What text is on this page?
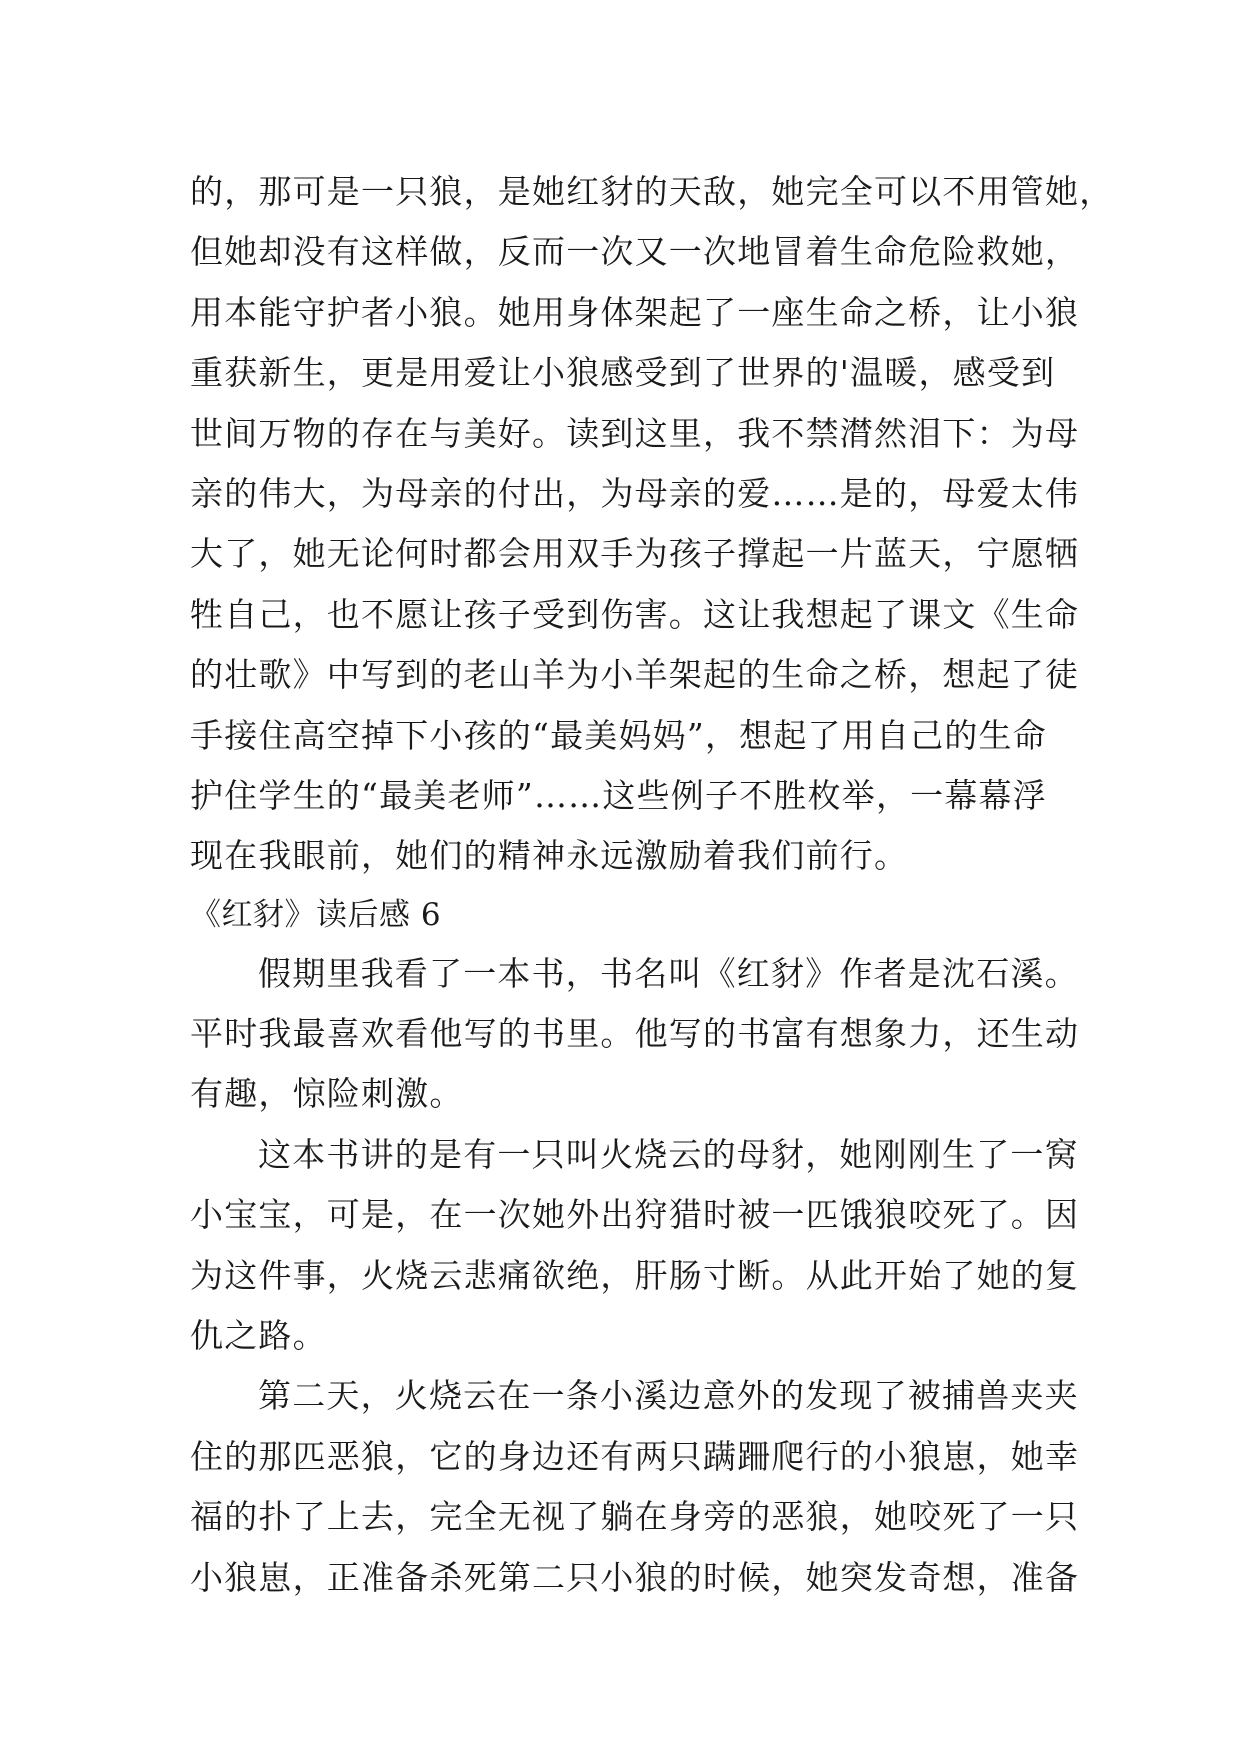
的，那可是一只狼，是她红豺的天敌，她完全可以不用管她，
但她却没有这样做，反而一次又一次地冒着生命危险救她，
用本能守护者小狼。她用身体架起了一座生命之桥，让小狼
重获新生，更是用爱让小狼感受到了世界的'温暖，感受到
世间万物的存在与美好。读到这里，我不禁潸然泪下：为母
亲的伟大，为母亲的付出，为母亲的爱……是的，母爱太伟
大了，她无论何时都会用双手为孩子撑起一片蓝天，宁愿牺
牲自己，也不愿让孩子受到伤害。这让我想起了课文《生命
的壮歌》中写到的老山羊为小羊架起的生命之桥，想起了徒
手接住高空掉下小孩的“最美妈妈”，想起了用自己的生命
护住学生的“最美老师”……这些例子不胜枚举，一幕幕浮
现在我眼前，她们的精神永远激励着我们前行。
《红豺》读后感 6
假期里我看了一本书，书名叫《红豺》作者是沈石溪。
平时我最喜欢看他写的书里。他写的书富有想象力，还生动
有趣，惊险刺激。
这本书讲的是有一只叫火烧云的母豺，她刚刚生了一窝
小宝宝，可是，在一次她外出狩猎时被一匹饿狼咬死了。因
为这件事，火烧云悲痛欲绝，肝肠寸断。从此开始了她的复
仇之路。
第二天，火烧云在一条小溪边意外的发现了被捕兽夹夹
住的那匹恶狼，它的身边还有两只蹒跚爬行的小狼崽，她幸
福的扑了上去，完全无视了躺在身旁的恶狼，她咬死了一只
小狼崽，正准备杀死第二只小狼的时候，她突发奇想，准备
